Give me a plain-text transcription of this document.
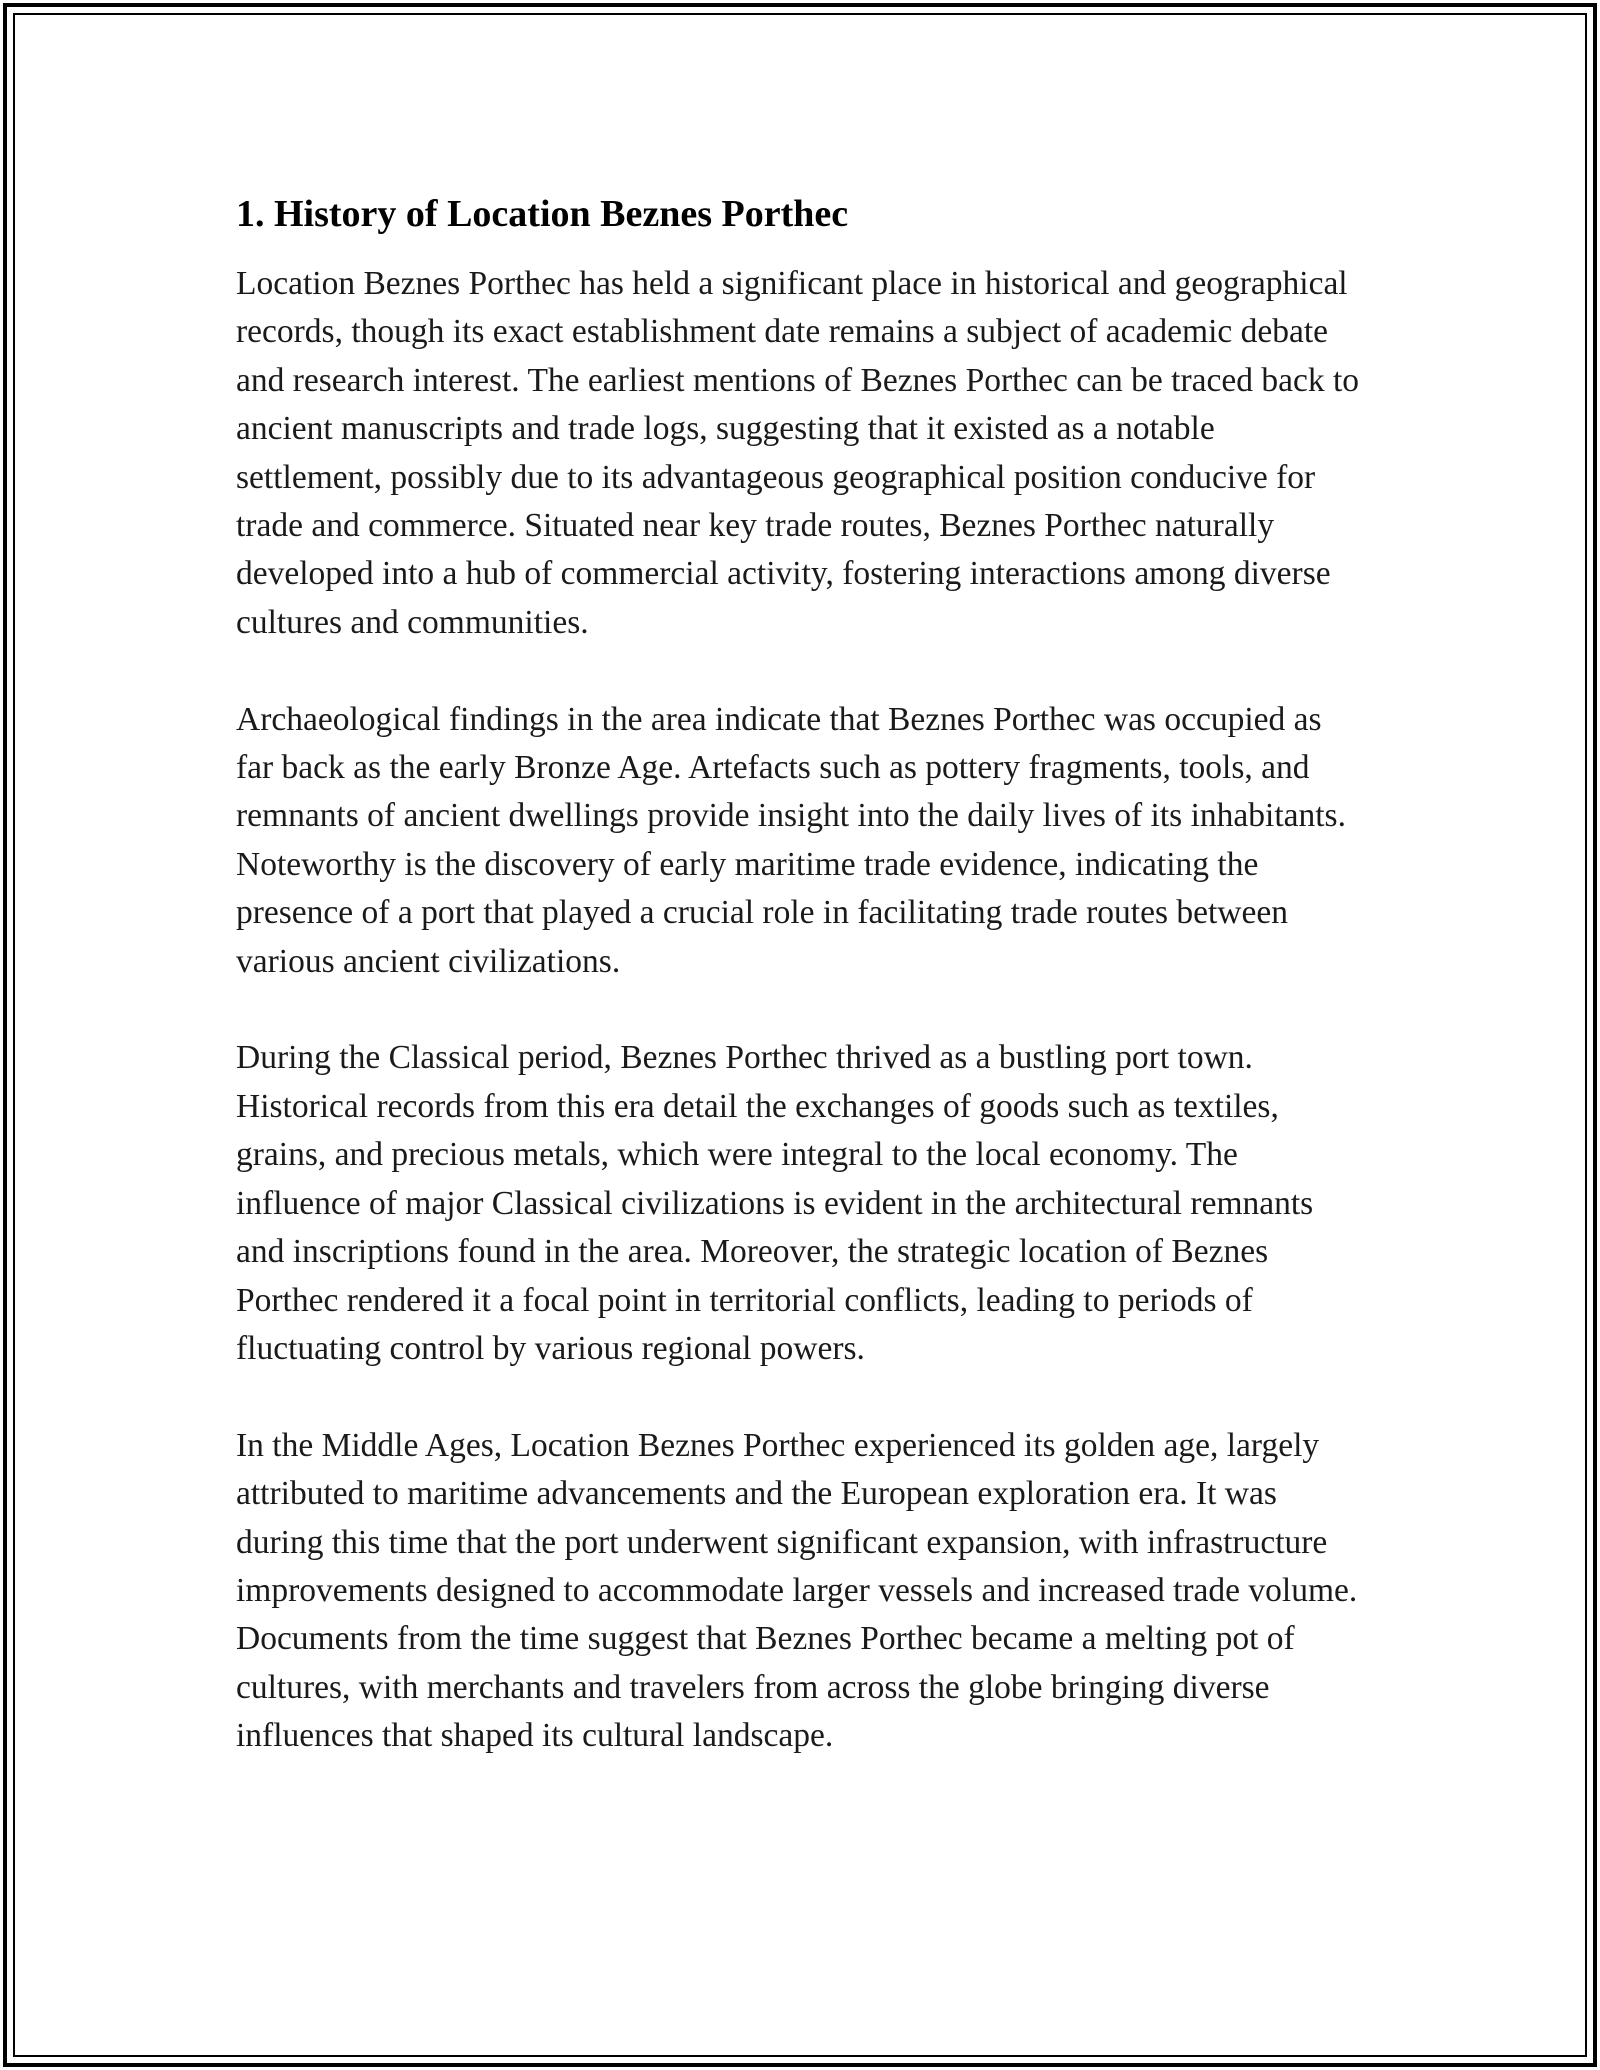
1. History of Location Beznes Porthec

Location Beznes Porthec has held a significant place in historical and geographical records, though its exact establishment date remains a subject of academic debate and research interest. The earliest mentions of Beznes Porthec can be traced back to ancient manuscripts and trade logs, suggesting that it existed as a notable settlement, possibly due to its advantageous geographical position conducive for trade and commerce. Situated near key trade routes, Beznes Porthec naturally developed into a hub of commercial activity, fostering interactions among diverse cultures and communities.

Archaeological findings in the area indicate that Beznes Porthec was occupied as far back as the early Bronze Age. Artefacts such as pottery fragments, tools, and remnants of ancient dwellings provide insight into the daily lives of its inhabitants. Noteworthy is the discovery of early maritime trade evidence, indicating the presence of a port that played a crucial role in facilitating trade routes between various ancient civilizations.

During the Classical period, Beznes Porthec thrived as a bustling port town. Historical records from this era detail the exchanges of goods such as textiles, grains, and precious metals, which were integral to the local economy. The influence of major Classical civilizations is evident in the architectural remnants and inscriptions found in the area. Moreover, the strategic location of Beznes Porthec rendered it a focal point in territorial conflicts, leading to periods of fluctuating control by various regional powers.

In the Middle Ages, Location Beznes Porthec experienced its golden age, largely attributed to maritime advancements and the European exploration era. It was during this time that the port underwent significant expansion, with infrastructure improvements designed to accommodate larger vessels and increased trade volume. Documents from the time suggest that Beznes Porthec became a melting pot of cultures, with merchants and travelers from across the globe bringing diverse influences that shaped its cultural landscape.
